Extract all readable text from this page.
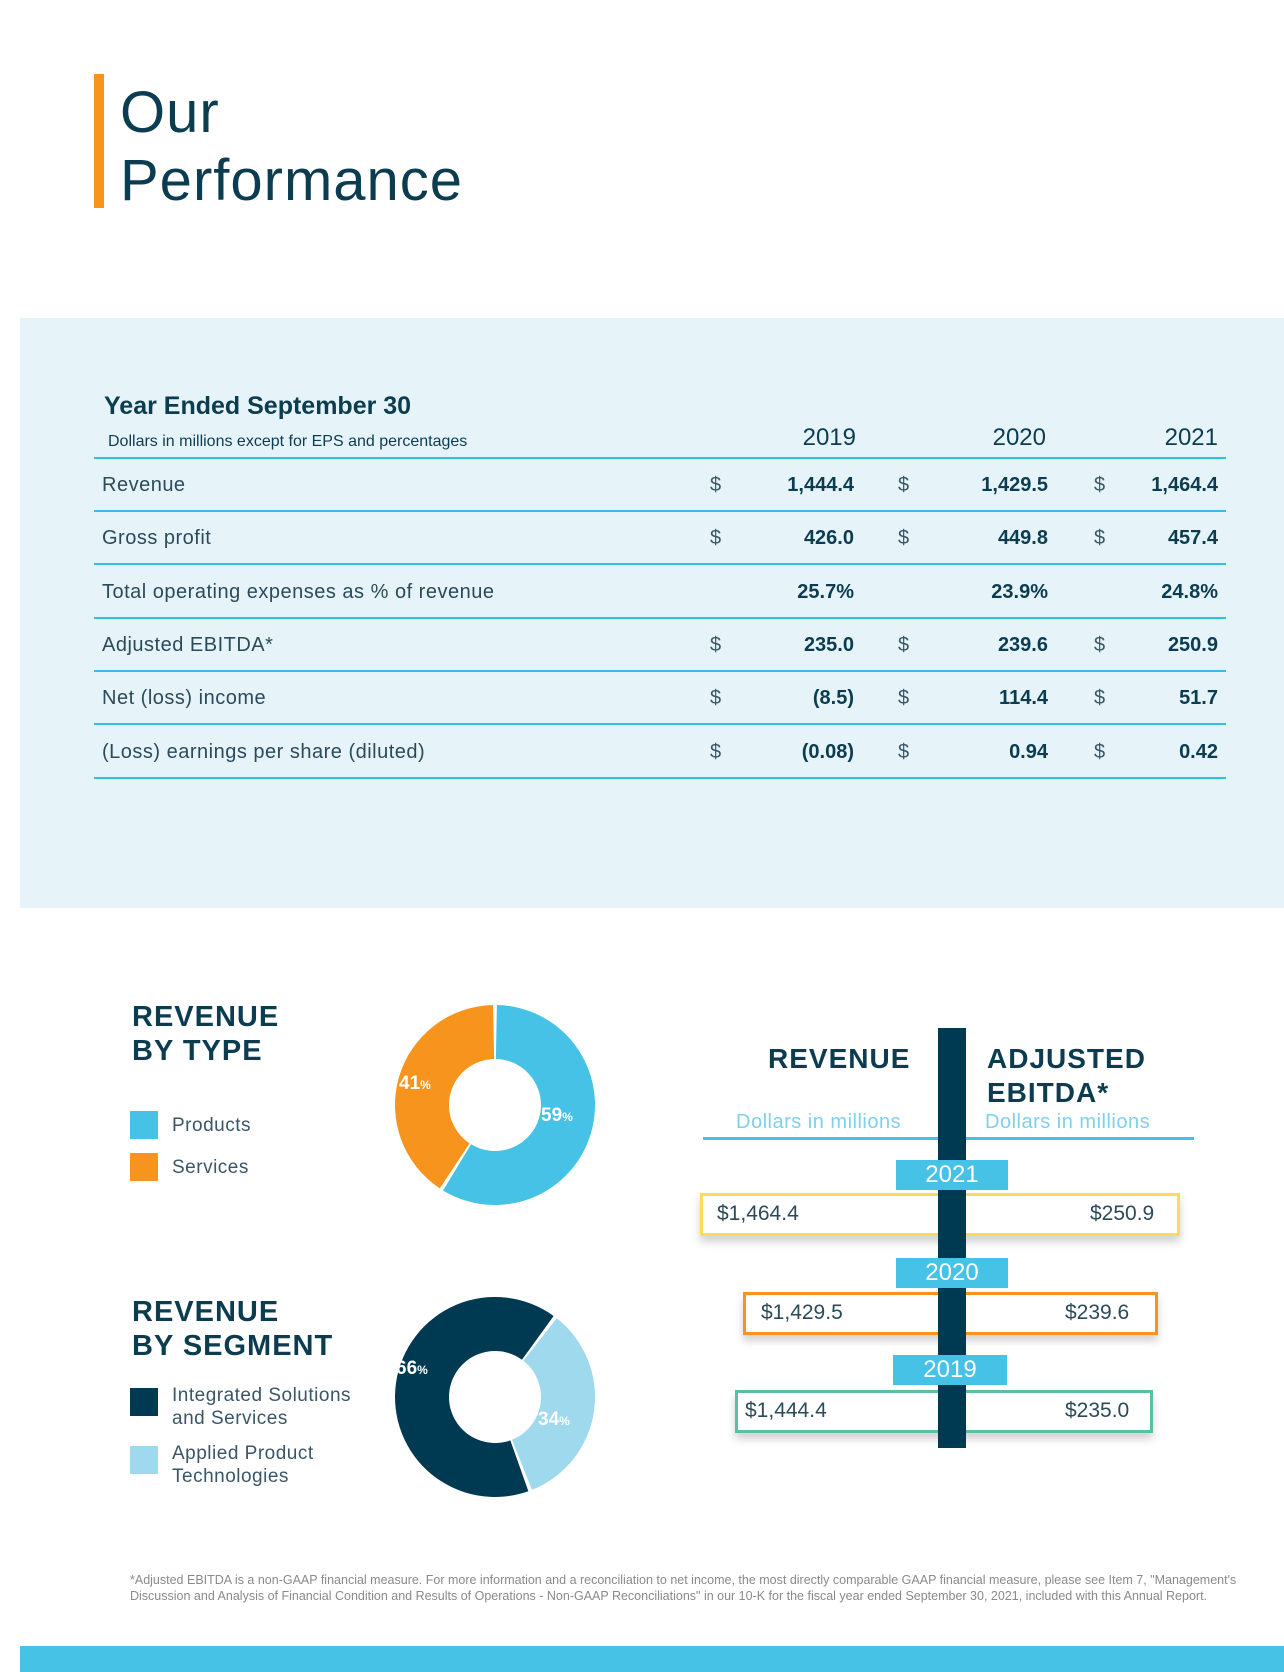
Our
Performance
Year Ended September 30
Dollars in millions except for EPS and percentages	2019	2020	2021
Revenue	$	1,444.4 $	1,429.5 $	1,464.4
Gross profit	$	426.0 $	449.8 $	457.4
Total operating expenses as % of revenue	25.7%	23.9%	24.8%
Adjusted EBITDA*	$	235.0 $	239.6 $	250.9
Net (loss) income	$	(8.5) $	114.4 $	51.7
(Loss) earnings per share (diluted)	$	(0.08) $	0.94 $	0.42
REVENUE
BY TYPE
Products
Services
59%
41%
REVENUE
BY SEGMENT
Integrated Solutions
and Services
Applied Product
Technologies
66%
34%
REVENUE	ADJUSTED
EBITDA*
Dollars in millions	Dollars in millions
2021
2020
2019
$1,464.4	$250.9
$1,429.5	$239.6
$1,444.4	$235.0
*Adjusted EBITDA is a non-GAAP financial measure. For more information and a reconciliation to net income, the most directly comparable GAAP financial measure, please see Item 7, "Management's Discussion and Analysis of Financial Condition and Results of Operations - Non-GAAP Reconciliations" in our 10-K for the fiscal year ended September 30, 2021, included with this Annual Report.
